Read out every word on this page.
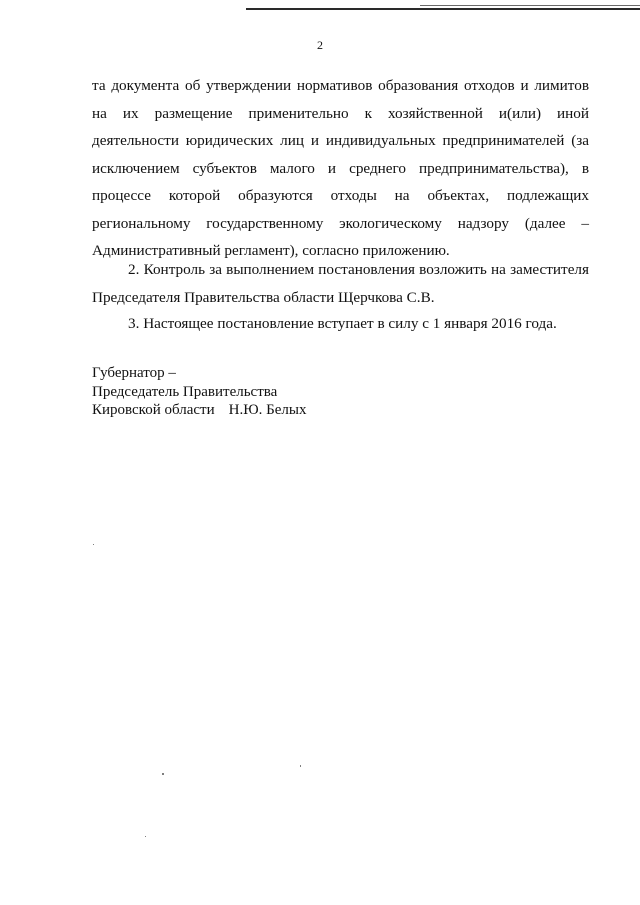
2

та документа об утверждении нормативов образования отходов и лимитов на их размещение применительно к хозяйственной и(или) иной деятельности юридических лиц и индивидуальных предпринимателей (за исключением субъектов малого и среднего предпринимательства), в процессе которой образуются отходы на объектах, подлежащих региональному государственному экологическому надзору (далее – Административный регламент), согласно приложению.

2. Контроль за выполнением постановления возложить на заместителя Председателя Правительства области Щерчкова С.В.

3. Настоящее постановление вступает в силу с 1 января 2016 года.

Губернатор –
Председатель Правительства
Кировской области Н.Ю. Белых
